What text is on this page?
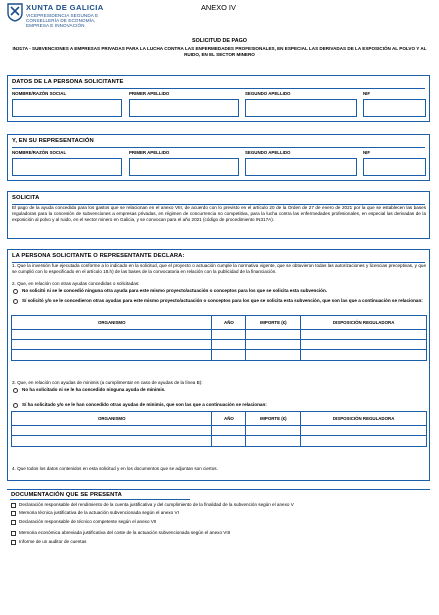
XUNTA DE GALICIA
VICEPRESIDENCIA SEGUNDA E
CONSELLERÍA DE ECONOMÍA,
EMPRESA E INNOVACIÓN
ANEXO IV
SOLICITUD DE PAGO
IN317A - SUBVENCIONES A EMPRESAS PRIVADAS PARA LA LUCHA CONTRA LAS ENFERMEDADES PROFESIONALES, EN ESPECIAL LAS DERIVADAS DE LA EXPOSICIÓN AL POLVO Y AL RUIDO, EN EL SECTOR MINERO
DATOS DE LA PERSONA SOLICITANTE
NOMBRE/RAZÓN SOCIAL	PRIMER APELLIDO	SEGUNDO APELLIDO	NIF
Y, EN SU REPRESENTACIÓN
NOMBRE/RAZÓN SOCIAL	PRIMER APELLIDO	SEGUNDO APELLIDO	NIF
SOLICITA
El pago de la ayuda concedida para los gastos que se relacionan en el anexo VIII, de acuerdo con lo previsto en el artículo 20 de la Orden de 27 de enero de 2021 por la que se establecen las bases reguladoras para la concesión de subvenciones a empresas privadas, en régimen de concurrencia no competitiva, para la lucha contra las enfermedades profesionales, en especial las derivadas de la exposición al polvo y al ruido, en el sector minero en Galicia, y se convocan para el año 2021 (código de procedimiento IN317A).
LA PERSONA SOLICITANTE O REPRESENTANTE DECLARA:
1. Que la inversión fue ejecutada conforme a lo indicado en la solicitud, que el proyecto o actuación cumple la normativa vigente, que se obtuvieron todas las autorizaciones y licencias preceptivas, y que se cumplió con lo especificado en el artículo 18.h) de las bases de la convocatoria en relación con la publicidad de la financiación.
2. Que, en relación con otras ayudas concedidas o solicitadas:
No solicitó ni se le concedió ninguna otra ayuda para este mismo proyecto/actuación o conceptos para los que se solicita esta subvención.
Sí solicitó y/o se le concedieron otras ayudas para este mismo proyecto/actuación o conceptos para los que se solicita esta subvención, que son las que a continuación se relacionan:
ORGANISMO	AÑO	IMPORTE (€)	DISPOSICIÓN REGULADORA

3. Que, en relación con ayudas de minimis (a cumplimentar en caso de ayudas de la línea B):
No ha solicitado ni se le ha concedido ninguna ayuda de minimis.
Sí ha solicitado y/o se le han concedido otras ayudas de minimis, que son las que a continuación se relacionan:
ORGANISMO	AÑO	IMPORTE (€)	DISPOSICIÓN REGULADORA

4. Que todos los datos contenidos en esta solicitud y en los documentos que se adjuntan son ciertos.
DOCUMENTACIÓN QUE SE PRESENTA
Declaración responsable del rendimiento de la cuenta justificativa y del cumplimiento de la finalidad de la subvención según el anexo V
Memoria técnica justificativa de la actuación subvencionada según el anexo VI
Declaración responsable de técnico competente según el anexo VII
Memoria económica abreviada justificativa del coste de la actuación subvencionada según el anexo VIII
Informe de un auditor de cuentas
